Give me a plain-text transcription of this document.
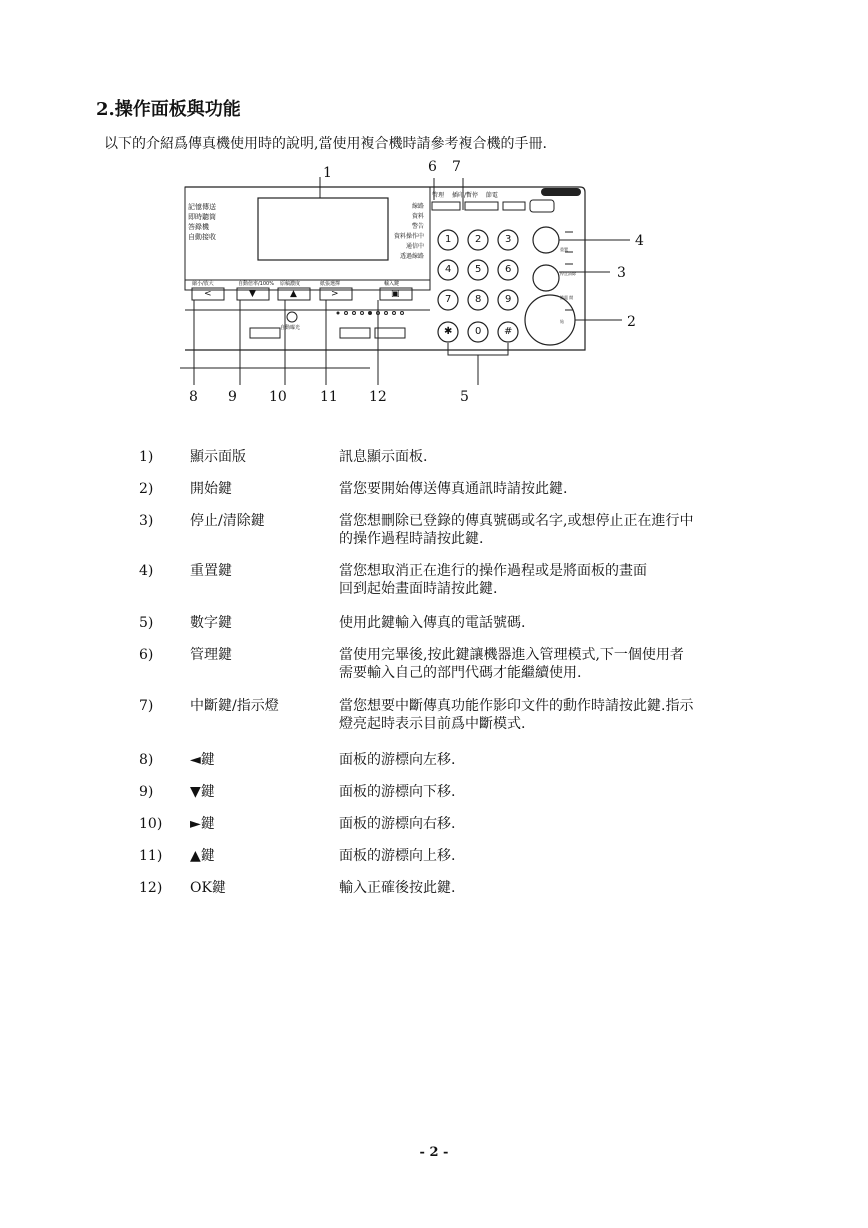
2.操作面板與功能
以下的介紹爲傳真機使用時的說明,當使用複合機時請參考複合機的手冊.
記憶傳送
即時聽筒
答錄機
自動接收
線路
資料
警告
資料操作中
通信中
透過線路
管理 插印/暫停 節電
縮小/放大	自動倍率/100% 原稿濃度	紙張選擇	輸入鍵
<	▼	▲	>	▣
自動曝光
1 2 3
4 5 6
7 8 9
✱ 0 #
重置
停止清除
節電 開始
1	6 7
4
3
2
8 9 10 11 12	5
1)	顯示面版	訊息顯示面板.
2)	開始鍵	當您要開始傳送傳真通訊時請按此鍵.
3)	停止/清除鍵	當您想刪除已登錄的傳真號碼或名字,或想停止正在進行中
的操作過程時請按此鍵.
4)	重置鍵	當您想取消正在進行的操作過程或是將面板的畫面
回到起始畫面時請按此鍵.
5)	數字鍵	使用此鍵輸入傳真的電話號碼.
6)	管理鍵	當使用完畢後,按此鍵讓機器進入管理模式,下一個使用者
需要輸入自己的部門代碼才能繼續使用.
7)	中斷鍵/指示燈	當您想要中斷傳真功能作影印文件的動作時請按此鍵.指示
燈亮起時表示目前爲中斷模式.
8)	◄鍵	面板的游標向左移.
9)	▼鍵	面板的游標向下移.
10) ►鍵	面板的游標向右移.
11) ▲鍵	面板的游標向上移.
12) OK鍵	輸入正確後按此鍵.
- 2 -
